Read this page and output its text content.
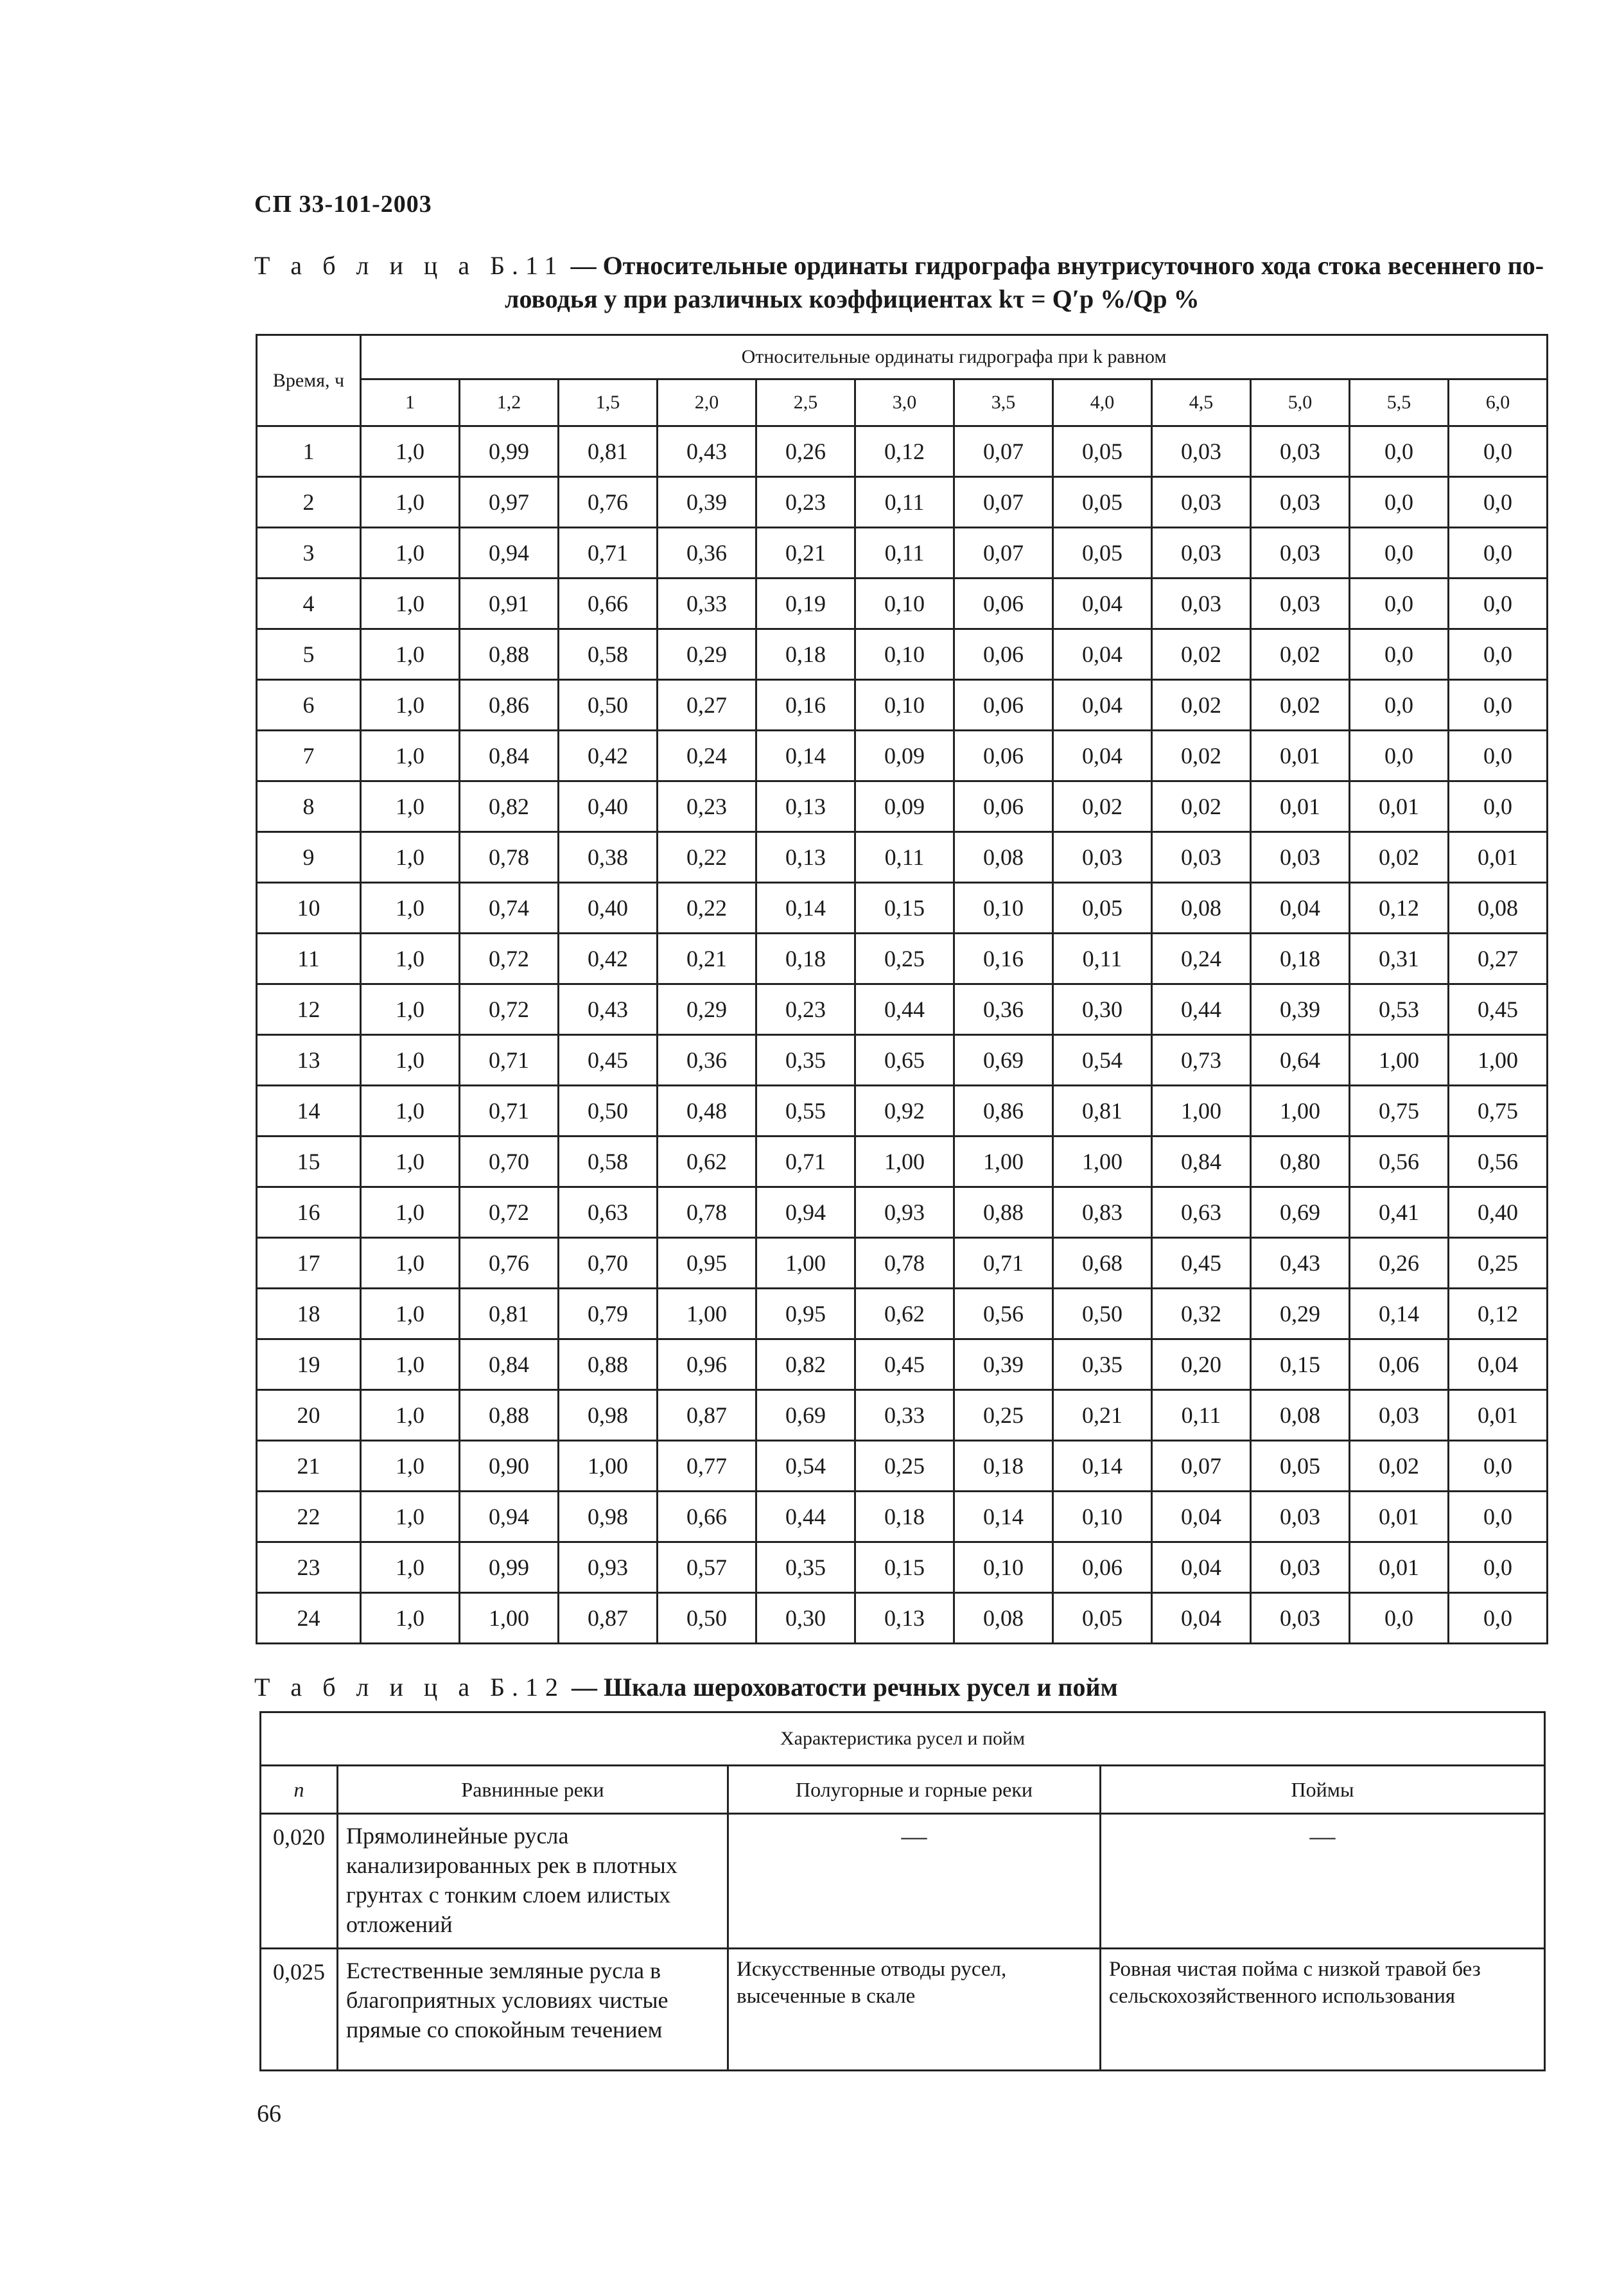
СП 33-101-2003
Т а б л и ц а Б.11 — Относительные ординаты гидрографа внутрисуточного хода стока весеннего по-
ловодья y при различных коэффициентах kτ = Q′p %/Qp %
Время, ч	Относительные ординаты гидрографа при k равном											
	1	1,2	1,5	2,0	2,5	3,0	3,5	4,0	4,5	5,0	5,5	6,0
1	1,0	0,99	0,81	0,43	0,26	0,12	0,07	0,05	0,03	0,03	0,0	0,0
2	1,0	0,97	0,76	0,39	0,23	0,11	0,07	0,05	0,03	0,03	0,0	0,0
3	1,0	0,94	0,71	0,36	0,21	0,11	0,07	0,05	0,03	0,03	0,0	0,0
4	1,0	0,91	0,66	0,33	0,19	0,10	0,06	0,04	0,03	0,03	0,0	0,0
5	1,0	0,88	0,58	0,29	0,18	0,10	0,06	0,04	0,02	0,02	0,0	0,0
6	1,0	0,86	0,50	0,27	0,16	0,10	0,06	0,04	0,02	0,02	0,0	0,0
7	1,0	0,84	0,42	0,24	0,14	0,09	0,06	0,04	0,02	0,01	0,0	0,0
8	1,0	0,82	0,40	0,23	0,13	0,09	0,06	0,02	0,02	0,01	0,01	0,0
9	1,0	0,78	0,38	0,22	0,13	0,11	0,08	0,03	0,03	0,03	0,02	0,01
10	1,0	0,74	0,40	0,22	0,14	0,15	0,10	0,05	0,08	0,04	0,12	0,08
11	1,0	0,72	0,42	0,21	0,18	0,25	0,16	0,11	0,24	0,18	0,31	0,27
12	1,0	0,72	0,43	0,29	0,23	0,44	0,36	0,30	0,44	0,39	0,53	0,45
13	1,0	0,71	0,45	0,36	0,35	0,65	0,69	0,54	0,73	0,64	1,00	1,00
14	1,0	0,71	0,50	0,48	0,55	0,92	0,86	0,81	1,00	1,00	0,75	0,75
15	1,0	0,70	0,58	0,62	0,71	1,00	1,00	1,00	0,84	0,80	0,56	0,56
16	1,0	0,72	0,63	0,78	0,94	0,93	0,88	0,83	0,63	0,69	0,41	0,40
17	1,0	0,76	0,70	0,95	1,00	0,78	0,71	0,68	0,45	0,43	0,26	0,25
18	1,0	0,81	0,79	1,00	0,95	0,62	0,56	0,50	0,32	0,29	0,14	0,12
19	1,0	0,84	0,88	0,96	0,82	0,45	0,39	0,35	0,20	0,15	0,06	0,04
20	1,0	0,88	0,98	0,87	0,69	0,33	0,25	0,21	0,11	0,08	0,03	0,01
21	1,0	0,90	1,00	0,77	0,54	0,25	0,18	0,14	0,07	0,05	0,02	0,0
22	1,0	0,94	0,98	0,66	0,44	0,18	0,14	0,10	0,04	0,03	0,01	0,0
23	1,0	0,99	0,93	0,57	0,35	0,15	0,10	0,06	0,04	0,03	0,01	0,0
24	1,0	1,00	0,87	0,50	0,30	0,13	0,08	0,05	0,04	0,03	0,0	0,0
Т а б л и ц а Б.12 — Шкала шероховатости речных русел и пойм
Характеристика русел и пойм			
n	Равнинные реки	Полугорные и горные реки	Поймы
0,020	Прямолинейные русла канализированных рек в плотных грунтах с тонким слоем илистых отложений	—	—
0,025	Естественные земляные русла в благоприятных условиях чистые прямые со спокойным течением	Искусственные отводы русел, высеченные в скале	Ровная чистая пойма с низкой травой без сельскохозяйственного использования
66
